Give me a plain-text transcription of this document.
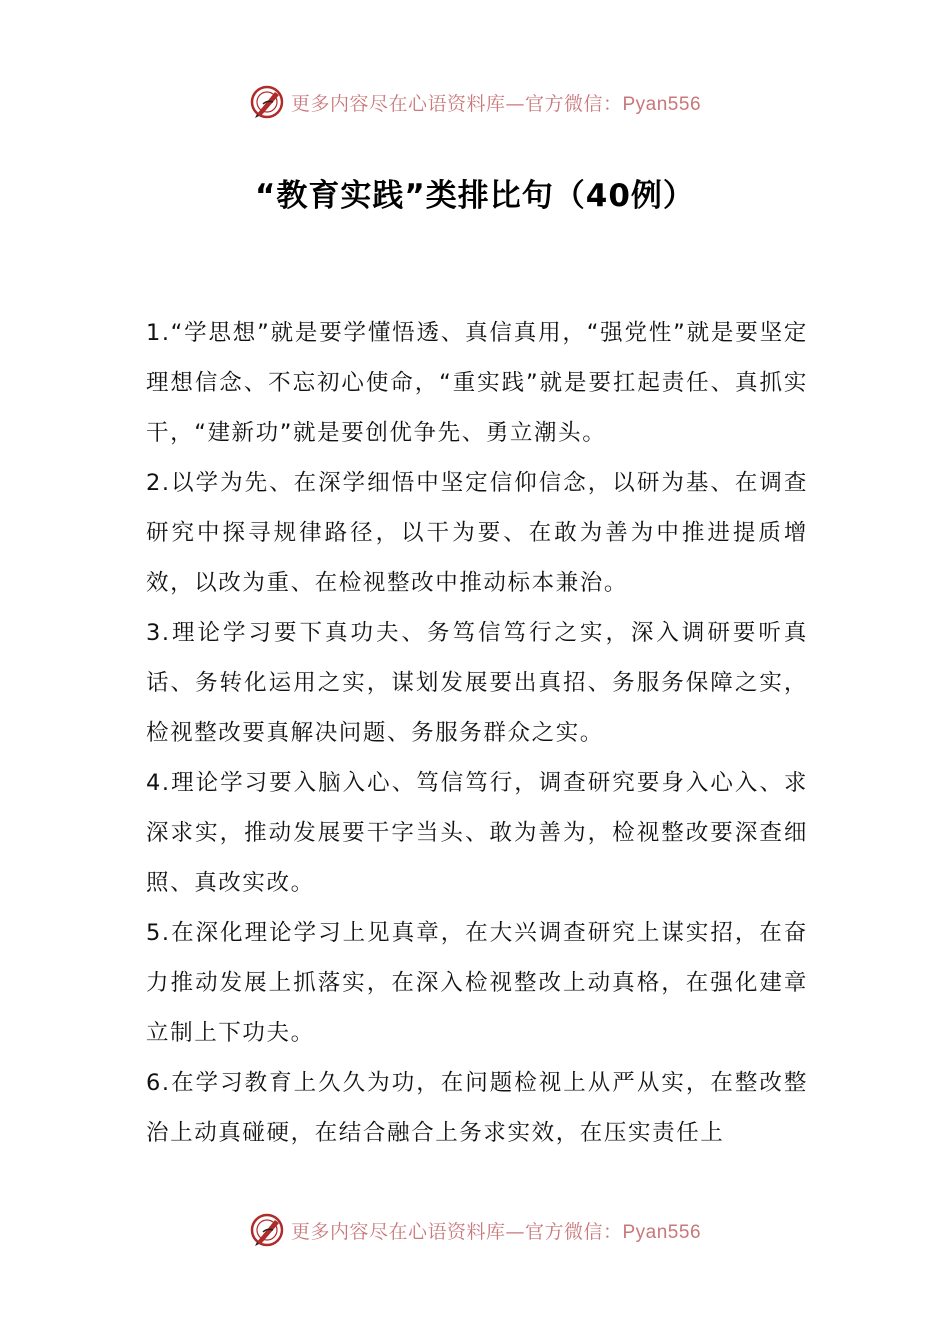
更多内容尽在心语资料库—官方微信：Pyan556
“教育实践”类排比句（40例）

1.“学思想”就是要学懂悟透、真信真用，“强党性”就是要坚定理想信念、不忘初心使命，“重实践”就是要扛起责任、真抓实干，“建新功”就是要创优争先、勇立潮头。

2.以学为先、在深学细悟中坚定信仰信念，以研为基、在调查研究中探寻规律路径，以干为要、在敢为善为中推进提质增效，以改为重、在检视整改中推动标本兼治。

3.理论学习要下真功夫、务笃信笃行之实，深入调研要听真话、务转化运用之实，谋划发展要出真招、务服务保障之实，检视整改要真解决问题、务服务群众之实。

4.理论学习要入脑入心、笃信笃行，调查研究要身入心入、求深求实，推动发展要干字当头、敢为善为，检视整改要深查细照、真改实改。

5.在深化理论学习上见真章，在大兴调查研究上谋实招，在奋力推动发展上抓落实，在深入检视整改上动真格，在强化建章立制上下功夫。

6.在学习教育上久久为功，在问题检视上从严从实，在整改整治上动真碰硬，在结合融合上务求实效，在压实责任上

更多内容尽在心语资料库—官方微信：Pyan556
